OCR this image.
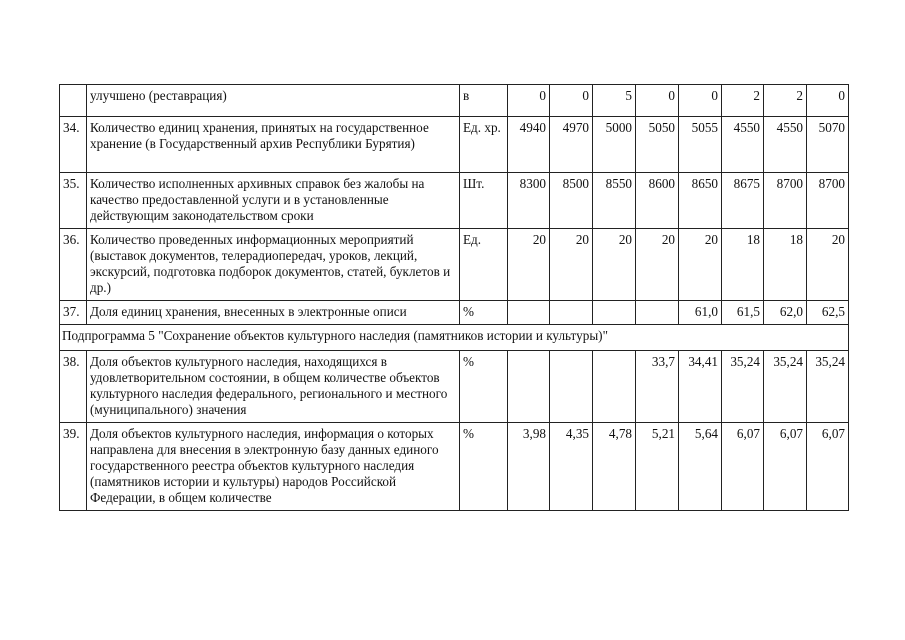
	улучшено (реставрация)	в	0	0	5	0	0	2	2	0
34.	Количество единиц хранения, принятых на государственное хранение (в Государственный архив Республики Бурятия)	Ед. хр.	4940	4970	5000	5050	5055	4550	4550	5070
35.	Количество исполненных архивных справок без жалобы на качество предоставленной услуги и в установленные действующим законодательством сроки	Шт.	8300	8500	8550	8600	8650	8675	8700	8700
36.	Количество проведенных информационных мероприятий (выставок документов, телерадиопередач, уроков, лекций, экскурсий, подготовка подборок документов, статей, буклетов и др.)	Ед.	20	20	20	20	20	18	18	20
37.	Доля единиц хранения, внесенных в электронные описи	%					61,0	61,5	62,0	62,5
Подпрограмма 5 "Сохранение объектов культурного наследия (памятников истории и культуры)"										
38.	Доля объектов культурного наследия, находящихся в удовлетворительном состоянии, в общем количестве объектов культурного наследия федерального, регионального и местного (муниципального) значения	%				33,7	34,41	35,24	35,24	35,24
39.	Доля объектов культурного наследия, информация о которых направлена для внесения в электронную базу данных единого государственного реестра объектов культурного наследия (памятников истории и культуры) народов Российской Федерации, в общем количестве	%	3,98	4,35	4,78	5,21	5,64	6,07	6,07	6,07
